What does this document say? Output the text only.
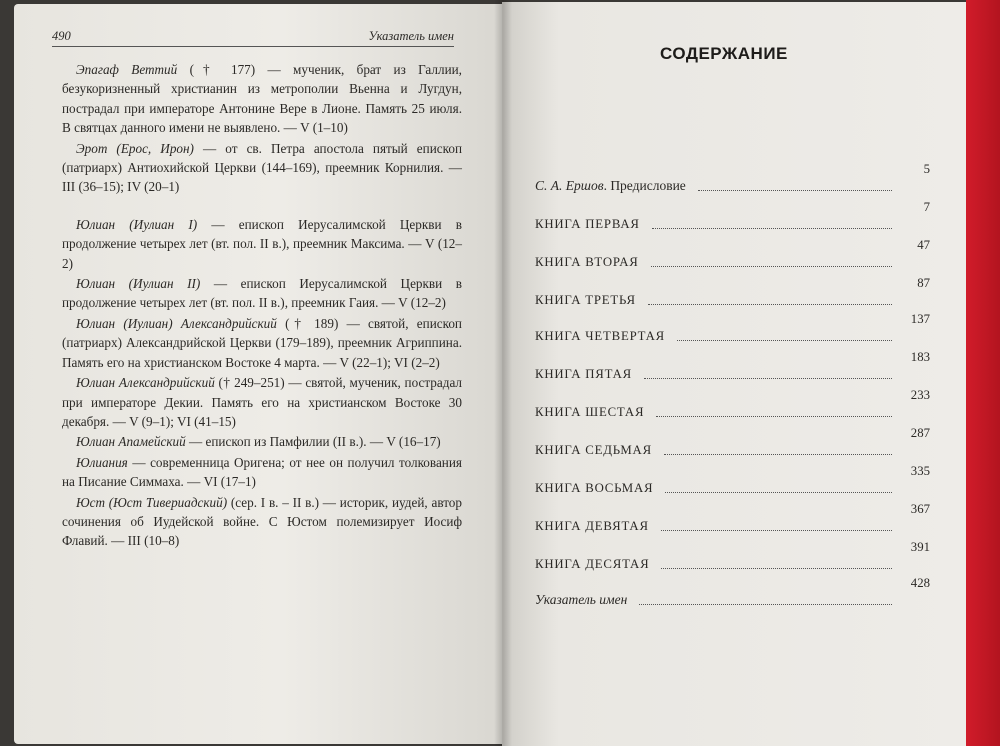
490	Указатель имен

Эпагаф Веттий († 177) — мученик, брат из Галлии, безукоризненный христианин из метрополии Вьенна и Лугдун, пострадал при императоре Антонине Вере в Лионе. Память 25 июля. В святцах данного имени не выявлено. — V (1–10)

Эрот (Ерос, Ирон) — от св. Петра апостола пятый епископ (патриарх) Антиохийской Церкви (144–169), преемник Корнилия. — III (36–15); IV (20–1)

Юлиан (Иулиан I) — епископ Иерусалимской Церкви в продолжение четырех лет (вт. пол. II в.), преемник Максима. — V (12–2)

Юлиан (Иулиан II) — епископ Иерусалимской Церкви в продолжение четырех лет (вт. пол. II в.), преемник Гаия. — V (12–2)

Юлиан (Иулиан) Александрийский († 189) — святой, епископ (патриарх) Александрийской Церкви (179–189), преемник Агриппина. Память его на христианском Востоке 4 марта. — V (22–1); VI (2–2)

Юлиан Александрийский († 249–251) — святой, мученик, пострадал при императоре Декии. Память его на христианском Востоке 30 декабря. — V (9–1); VI (41–15)

Юлиан Апамейский — епископ из Памфилии (II в.). — V (16–17)

Юлиания — современница Оригена; от нее он получил толкования на Писание Симмаха. — VI (17–1)

Юст (Юст Тивериадский) (сер. I в. – II в.) — историк, иудей, автор сочинения об Иудейской войне. С Юстом полемизирует Иосиф Флавий. — III (10–8)

СОДЕРЖАНИЕ
С. А. Ершов. Предисловие
5
КНИГА ПЕРВАЯ
7
КНИГА ВТОРАЯ
47
КНИГА ТРЕТЬЯ
87
КНИГА ЧЕТВЕРТАЯ
137
КНИГА ПЯТАЯ
183
КНИГА ШЕСТАЯ
233
КНИГА СЕДЬМАЯ
287
КНИГА ВОСЬМАЯ
335
КНИГА ДЕВЯТАЯ
367
КНИГА ДЕСЯТАЯ
391
Указатель имен
428
